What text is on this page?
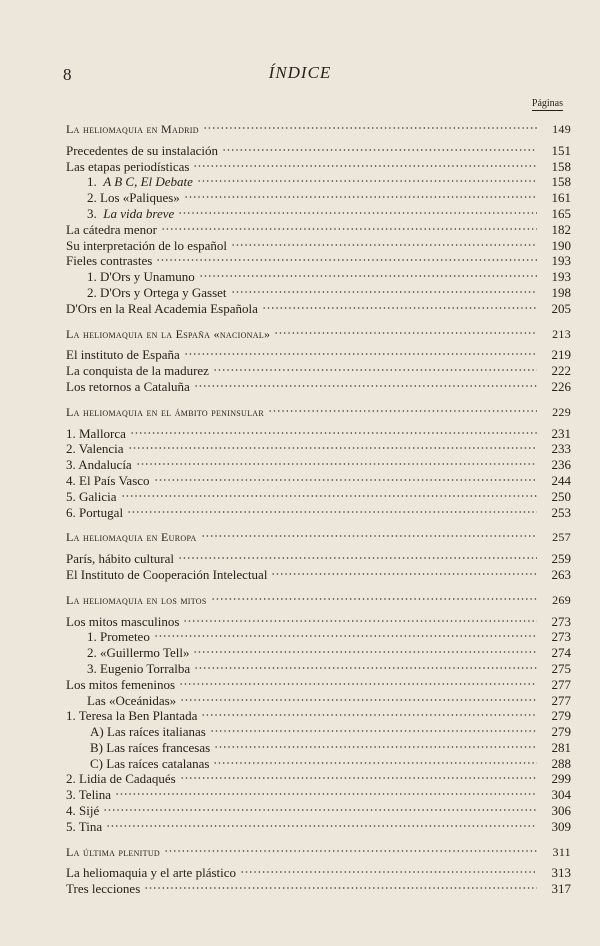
8	ÍNDICE
Páginas
La heliomaquia en Madrid	149
Precedentes de su instalación	151
Las etapas periodísticas	158
1. A B C, El Debate	158
2. Los «Paliques»	161
3. La vida breve	165
La cátedra menor	182
Su interpretación de lo español	190
Fieles contrastes	193
1. D'Ors y Unamuno	193
2. D'Ors y Ortega y Gasset	198
D'Ors en la Real Academia Española	205
La heliomaquia en la España «nacional»	213
El instituto de España	219
La conquista de la madurez	222
Los retornos a Cataluña	226
La heliomaquia en el ámbito peninsular	229
1. Mallorca	231
2. Valencia	233
3. Andalucía	236
4. El País Vasco	244
5. Galicia	250
6. Portugal	253
La heliomaquia en Europa	257
París, hábito cultural	259
El Instituto de Cooperación Intelectual	263
La heliomaquia en los mitos	269
Los mitos masculinos	273
1. Prometeo	273
2. «Guillermo Tell»	274
3. Eugenio Torralba	275
Los mitos femeninos	277
Las «Oceánidas»	277
1. Teresa la Ben Plantada	279
A) Las raíces italianas	279
B) Las raíces francesas	281
C) Las raíces catalanas	288
2. Lidia de Cadaqués	299
3. Telina	304
4. Sijé	306
5. Tina	309
La última plenitud	311
La heliomaquia y el arte plástico	313
Tres lecciones	317
